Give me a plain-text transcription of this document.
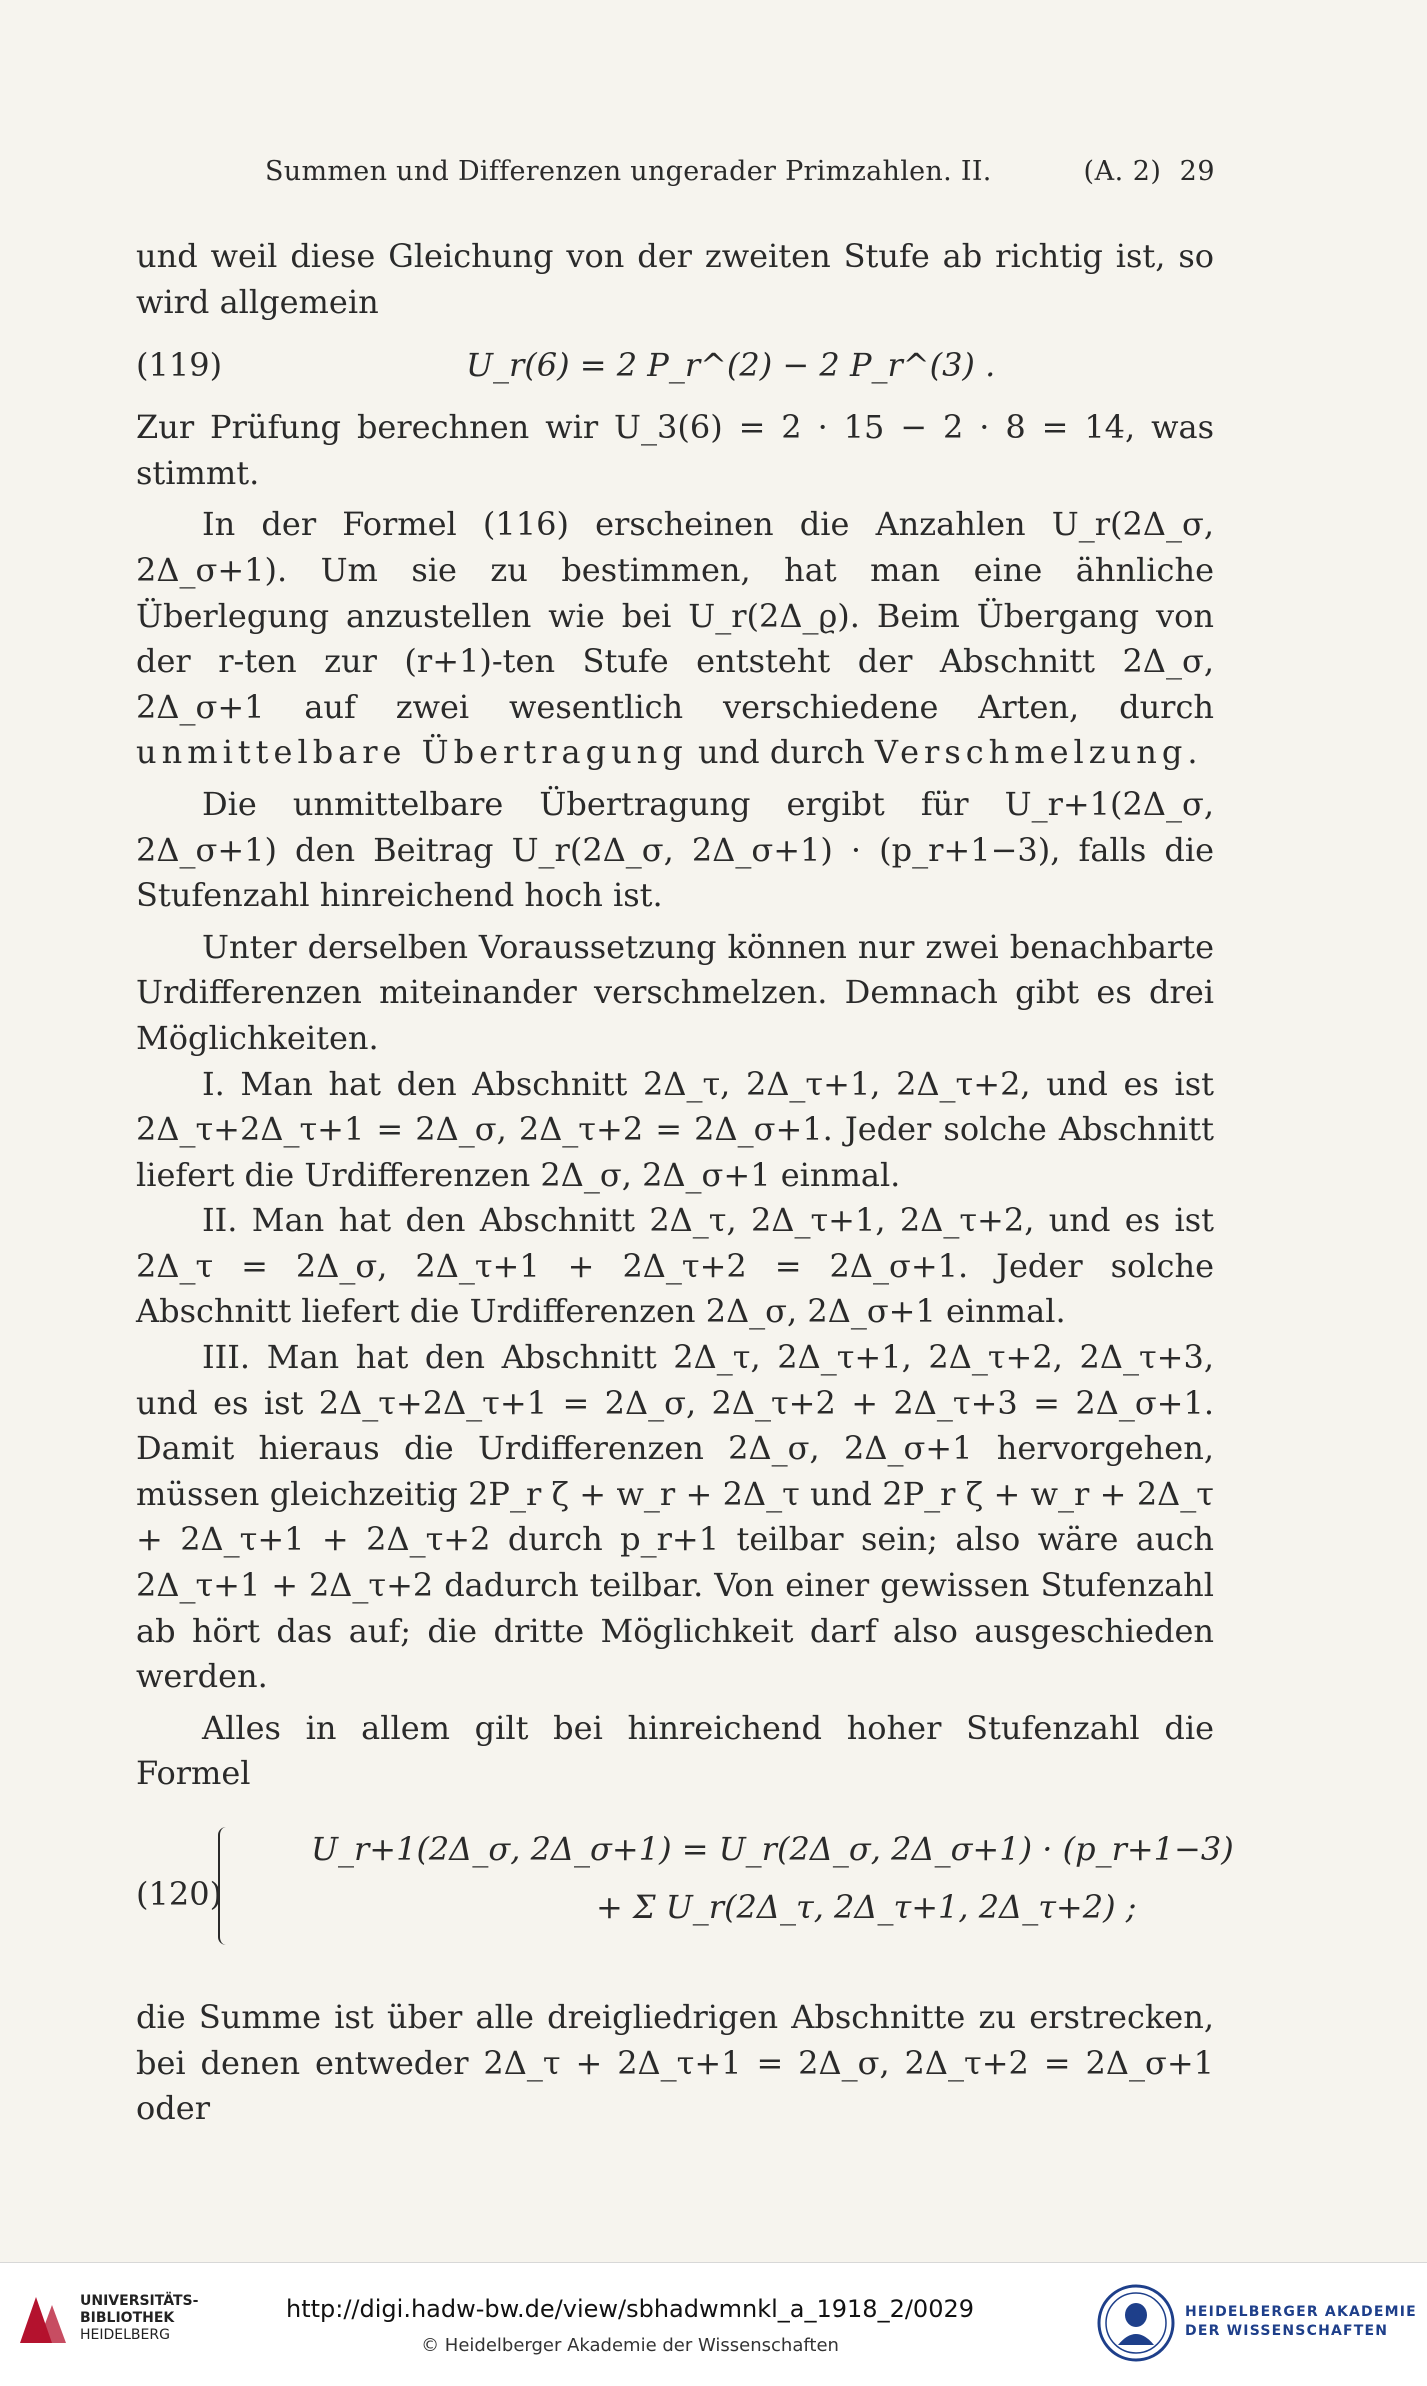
Summen und Differenzen ungerader Primzahlen. II.	(A. 2) 29

und weil diese Gleichung von der zweiten Stufe ab richtig ist, so wird allgemein

(119)	U_r(6) = 2 P_r^(2) − 2 P_r^(3) .

Zur Prüfung berechnen wir U_3(6) = 2 · 15 − 2 · 8 = 14, was stimmt.

In der Formel (116) erscheinen die Anzahlen U_r(2Δ_σ, 2Δ_σ+1). Um sie zu bestimmen, hat man eine ähnliche Überlegung anzustellen wie bei U_r(2Δ_ϱ). Beim Übergang von der r-ten zur (r+1)-ten Stufe entsteht der Abschnitt 2Δ_σ, 2Δ_σ+1 auf zwei wesentlich verschiedene Arten, durch unmittelbare Übertragung und durch Verschmelzung.

Die unmittelbare Übertragung ergibt für U_r+1(2Δ_σ, 2Δ_σ+1) den Beitrag U_r(2Δ_σ, 2Δ_σ+1) · (p_r+1−3), falls die Stufenzahl hinreichend hoch ist.

Unter derselben Voraussetzung können nur zwei benachbarte Urdifferenzen miteinander verschmelzen. Demnach gibt es drei Möglichkeiten.

I. Man hat den Abschnitt 2Δ_τ, 2Δ_τ+1, 2Δ_τ+2, und es ist 2Δ_τ+2Δ_τ+1 = 2Δ_σ, 2Δ_τ+2 = 2Δ_σ+1. Jeder solche Abschnitt liefert die Urdifferenzen 2Δ_σ, 2Δ_σ+1 einmal.

II. Man hat den Abschnitt 2Δ_τ, 2Δ_τ+1, 2Δ_τ+2, und es ist 2Δ_τ = 2Δ_σ, 2Δ_τ+1 + 2Δ_τ+2 = 2Δ_σ+1. Jeder solche Abschnitt liefert die Urdifferenzen 2Δ_σ, 2Δ_σ+1 einmal.

III. Man hat den Abschnitt 2Δ_τ, 2Δ_τ+1, 2Δ_τ+2, 2Δ_τ+3, und es ist 2Δ_τ+2Δ_τ+1 = 2Δ_σ, 2Δ_τ+2 + 2Δ_τ+3 = 2Δ_σ+1. Damit hieraus die Urdifferenzen 2Δ_σ, 2Δ_σ+1 hervorgehen, müssen gleichzeitig 2P_r ζ + w_r + 2Δ_τ und 2P_r ζ + w_r + 2Δ_τ + 2Δ_τ+1 + 2Δ_τ+2 durch p_r+1 teilbar sein; also wäre auch 2Δ_τ+1 + 2Δ_τ+2 dadurch teilbar. Von einer gewissen Stufenzahl ab hört das auf; die dritte Möglichkeit darf also ausgeschieden werden.

Alles in allem gilt bei hinreichend hoher Stufenzahl die Formel

(120)
U_r+1(2Δ_σ, 2Δ_σ+1) = U_r(2Δ_σ, 2Δ_σ+1) · (p_r+1−3)
+ Σ U_r(2Δ_τ, 2Δ_τ+1, 2Δ_τ+2) ;

die Summe ist über alle dreigliedrigen Abschnitte zu erstrecken, bei denen entweder 2Δ_τ + 2Δ_τ+1 = 2Δ_σ, 2Δ_τ+2 = 2Δ_σ+1 oder

UNIVERSITÄTS-
BIBLIOTHEK
HEIDELBERG
http://digi.hadw-bw.de/view/sbhadwmnkl_a_1918_2/0029
© Heidelberger Akademie der Wissenschaften
HEIDELBERGER AKADEMIE
DER WISSENSCHAFTEN
